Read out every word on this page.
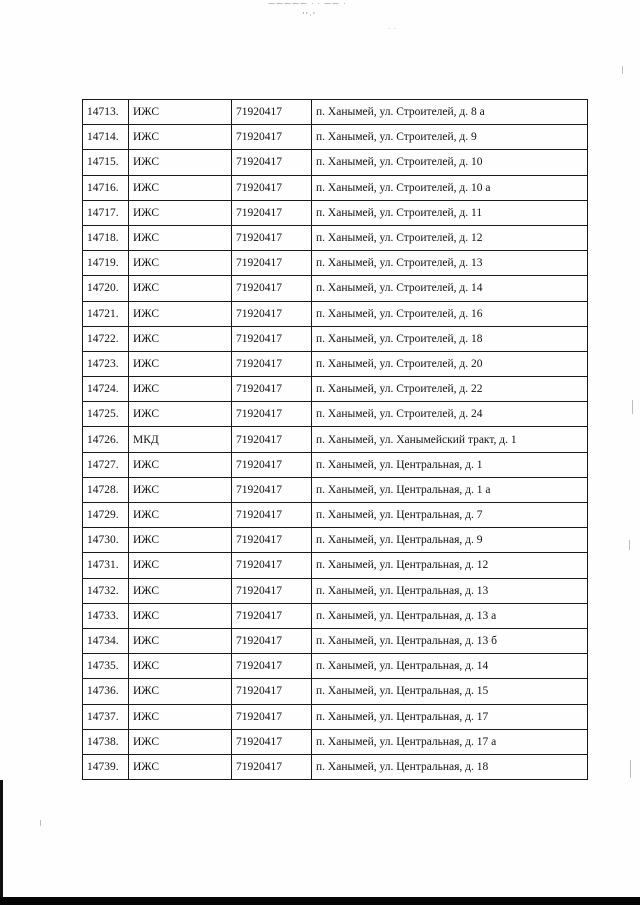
⁓⁓⁓⁓⁓ · · ⁓⁓ ·
ʼʼ·ʼ
· ·
14713.	ИЖС	71920417	п. Ханымей, ул. Строителей, д. 8 а
14714.	ИЖС	71920417	п. Ханымей, ул. Строителей, д. 9
14715.	ИЖС	71920417	п. Ханымей, ул. Строителей, д. 10
14716.	ИЖС	71920417	п. Ханымей, ул. Строителей, д. 10 а
14717.	ИЖС	71920417	п. Ханымей, ул. Строителей, д. 11
14718.	ИЖС	71920417	п. Ханымей, ул. Строителей, д. 12
14719.	ИЖС	71920417	п. Ханымей, ул. Строителей, д. 13
14720.	ИЖС	71920417	п. Ханымей, ул. Строителей, д. 14
14721.	ИЖС	71920417	п. Ханымей, ул. Строителей, д. 16
14722.	ИЖС	71920417	п. Ханымей, ул. Строителей, д. 18
14723.	ИЖС	71920417	п. Ханымей, ул. Строителей, д. 20
14724.	ИЖС	71920417	п. Ханымей, ул. Строителей, д. 22
14725.	ИЖС	71920417	п. Ханымей, ул. Строителей, д. 24
14726.	МКД	71920417	п. Ханымей, ул. Ханымейский тракт, д. 1
14727.	ИЖС	71920417	п. Ханымей, ул. Центральная, д. 1
14728.	ИЖС	71920417	п. Ханымей, ул. Центральная, д. 1 а
14729.	ИЖС	71920417	п. Ханымей, ул. Центральная, д. 7
14730.	ИЖС	71920417	п. Ханымей, ул. Центральная, д. 9
14731.	ИЖС	71920417	п. Ханымей, ул. Центральная, д. 12
14732.	ИЖС	71920417	п. Ханымей, ул. Центральная, д. 13
14733.	ИЖС	71920417	п. Ханымей, ул. Центральная, д. 13 а
14734.	ИЖС	71920417	п. Ханымей, ул. Центральная, д. 13 б
14735.	ИЖС	71920417	п. Ханымей, ул. Центральная, д. 14
14736.	ИЖС	71920417	п. Ханымей, ул. Центральная, д. 15
14737.	ИЖС	71920417	п. Ханымей, ул. Центральная, д. 17
14738.	ИЖС	71920417	п. Ханымей, ул. Центральная, д. 17 а
14739.	ИЖС	71920417	п. Ханымей, ул. Центральная, д. 18
